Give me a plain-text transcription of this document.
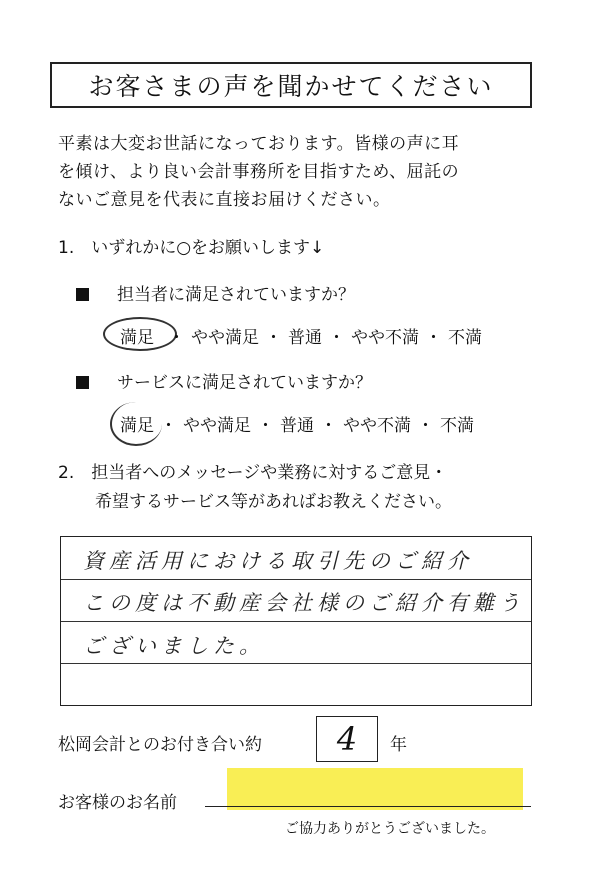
お客さまの声を聞かせてください
平素は大変お世話になっております。皆様の声に耳
を傾け、より良い会計事務所を目指すため、屈託の
ないご意見を代表に直接お届けください。
1.　いずれかに○をお願いします↓
担当者に満足されていますか？
満足 ・ やや満足 ・ 普通 ・ やや不満 ・ 不満
サービスに満足されていますか？
満足 ・ やや満足 ・ 普通 ・ やや不満 ・ 不満
2.　担当者へのメッセージや業務に対するご意見・
希望するサービス等があればお教えください。
資産活用における取引先のご紹介
この度は不動産会社様のご紹介有難う
ございました。
松岡会計とのお付き合い約	4	年
お客様のお名前
ご協力ありがとうございました。
